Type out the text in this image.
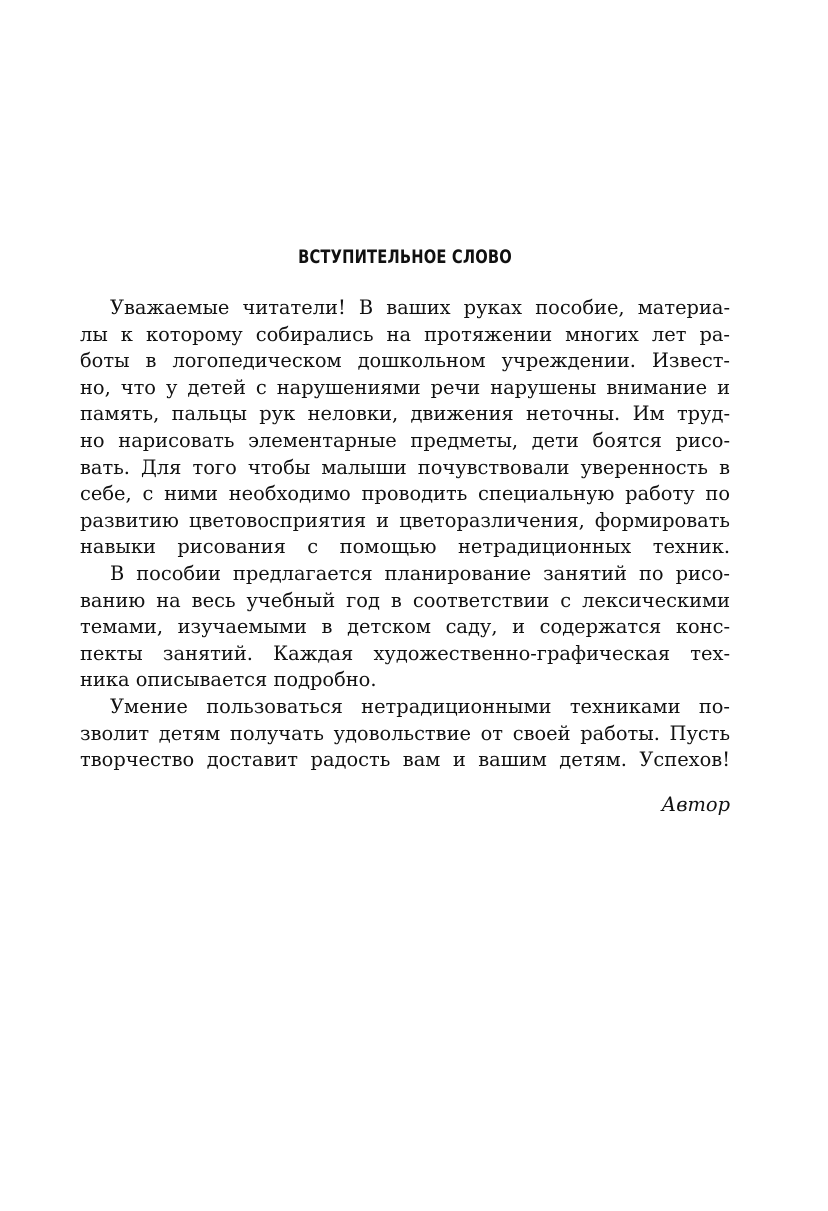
ВСТУПИТЕЛЬНОЕ СЛОВО
Уважаемые читатели! В ваших руках пособие, материа-
лы к которому собирались на протяжении многих лет ра-
боты в логопедическом дошкольном учреждении. Извест-
но, что у детей с нарушениями речи нарушены внимание и
память, пальцы рук неловки, движения неточны. Им труд-
но нарисовать элементарные предметы, дети боятся рисо-
вать. Для того чтобы малыши почувствовали уверенность в
себе, с ними необходимо проводить специальную работу по
развитию цветовосприятия и цветоразличения, формировать
навыки рисования с помощью нетрадиционных техник.
В пособии предлагается планирование занятий по рисо-
ванию на весь учебный год в соответствии с лексическими
темами, изучаемыми в детском саду, и содержатся конс-
пекты занятий. Каждая художественно-графическая тех-
ника описывается подробно.
Умение пользоваться нетрадиционными техниками по-
зволит детям получать удовольствие от своей работы. Пусть
творчество доставит радость вам и вашим детям. Успехов!
Автор
